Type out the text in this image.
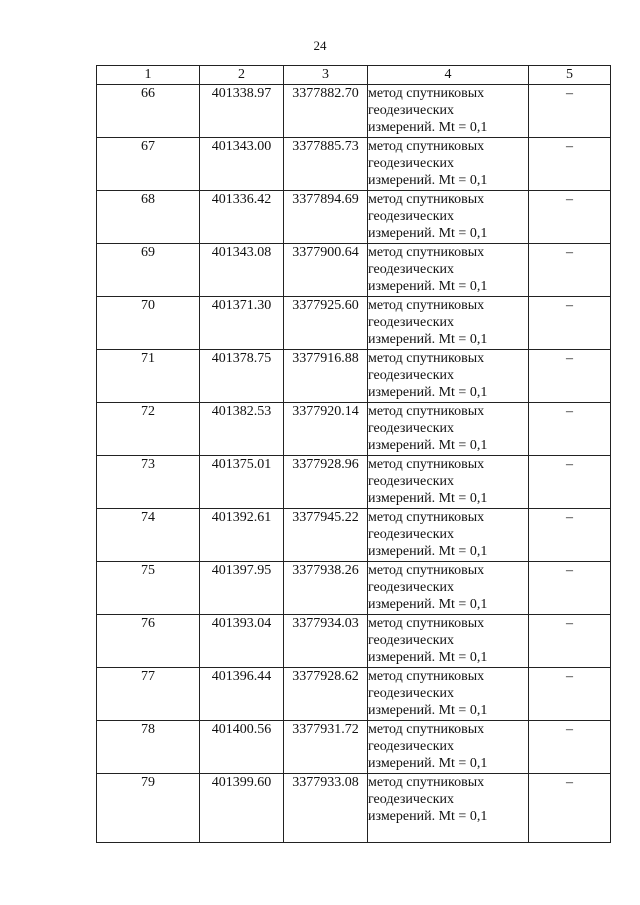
24
1	2	3	4	5
66	401338.97	3377882.70	метод спутниковых
геодезических
измерений. Mt = 0,1	–
67	401343.00	3377885.73	метод спутниковых
геодезических
измерений. Mt = 0,1	–
68	401336.42	3377894.69	метод спутниковых
геодезических
измерений. Mt = 0,1	–
69	401343.08	3377900.64	метод спутниковых
геодезических
измерений. Mt = 0,1	–
70	401371.30	3377925.60	метод спутниковых
геодезических
измерений. Mt = 0,1	–
71	401378.75	3377916.88	метод спутниковых
геодезических
измерений. Mt = 0,1	–
72	401382.53	3377920.14	метод спутниковых
геодезических
измерений. Mt = 0,1	–
73	401375.01	3377928.96	метод спутниковых
геодезических
измерений. Mt = 0,1	–
74	401392.61	3377945.22	метод спутниковых
геодезических
измерений. Mt = 0,1	–
75	401397.95	3377938.26	метод спутниковых
геодезических
измерений. Mt = 0,1	–
76	401393.04	3377934.03	метод спутниковых
геодезических
измерений. Mt = 0,1	–
77	401396.44	3377928.62	метод спутниковых
геодезических
измерений. Mt = 0,1	–
78	401400.56	3377931.72	метод спутниковых
геодезических
измерений. Mt = 0,1	–
79	401399.60	3377933.08	метод спутниковых
геодезических
измерений. Mt = 0,1	–
